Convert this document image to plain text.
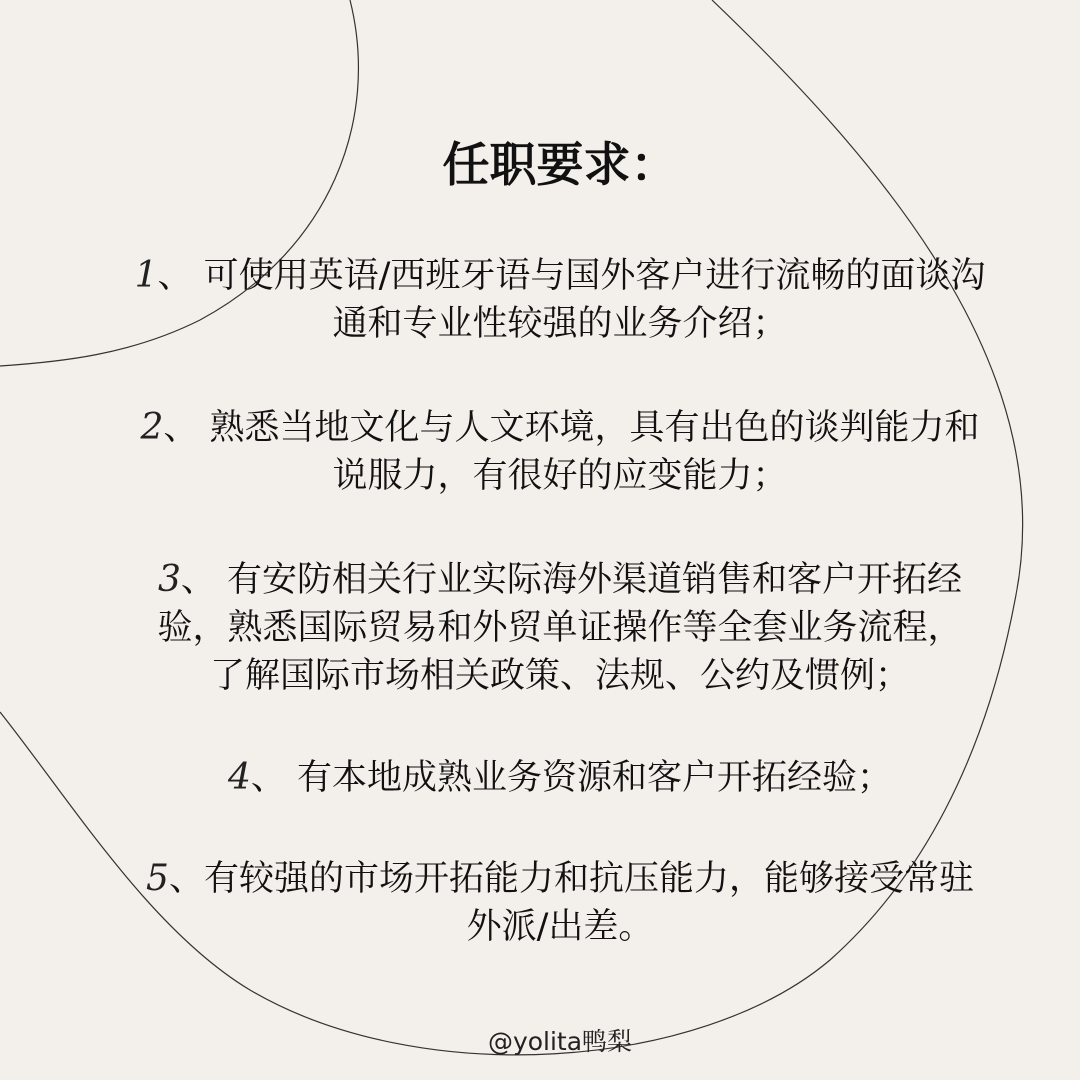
任职要求：
1、 可使用英语/西班牙语与国外客户进行流畅的面谈沟
通和专业性较强的业务介绍；
2、 熟悉当地文化与人文环境，具有出色的谈判能力和
说服力，有很好的应变能力；
3、 有安防相关行业实际海外渠道销售和客户开拓经
验，熟悉国际贸易和外贸单证操作等全套业务流程，
了解国际市场相关政策、法规、公约及惯例；
4、 有本地成熟业务资源和客户开拓经验；
5、有较强的市场开拓能力和抗压能力，能够接受常驻
外派/出差。
@yolita鸭梨
